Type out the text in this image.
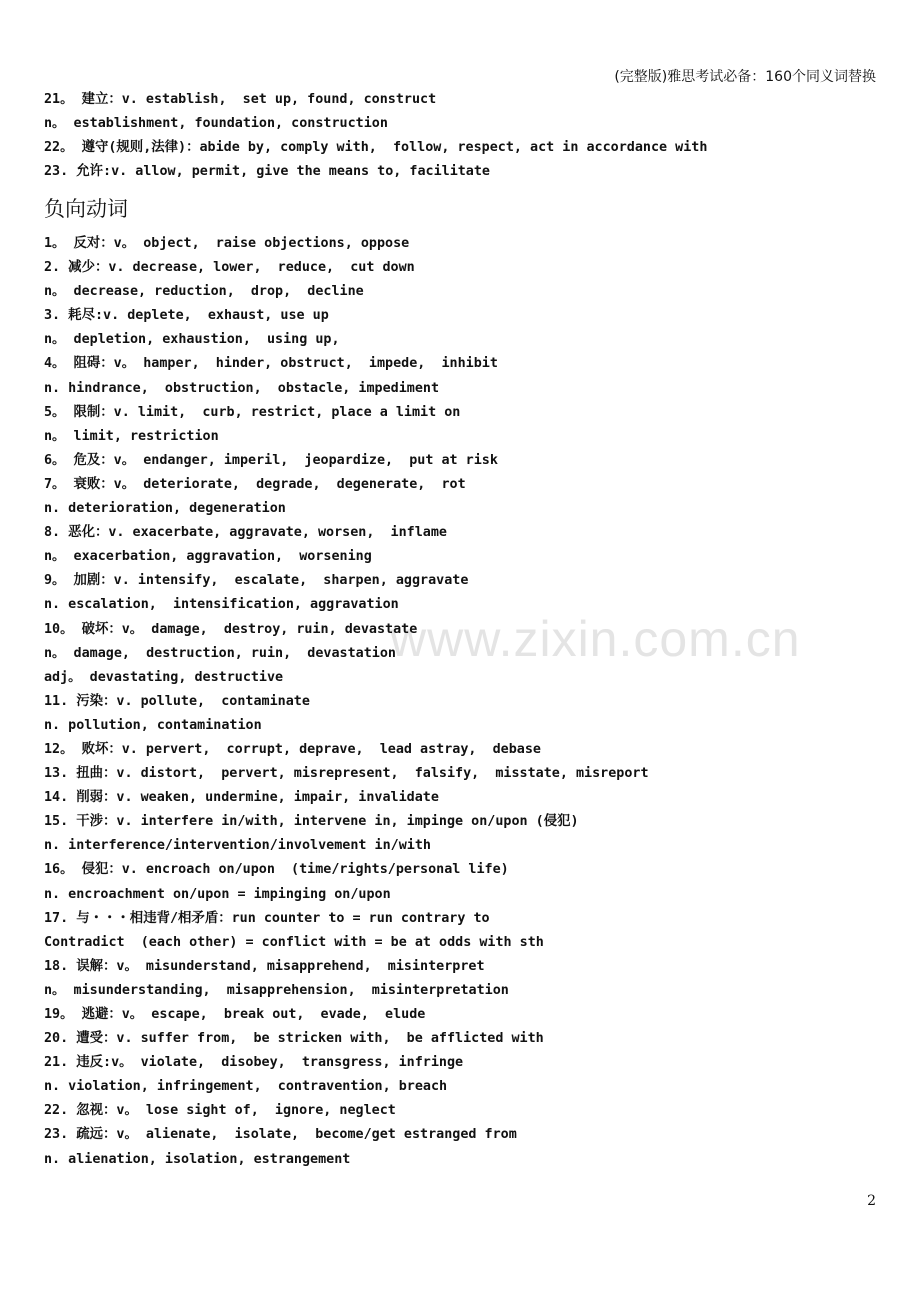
(完整版)雅思考试必备：160个同义词替换
www.zixin.com.cn
21。 建立：v. establish,  set up, found, construct
n。 establishment, foundation, construction
22。 遵守(规则,法律)：abide by, comply with,  follow, respect, act in accordance with
23. 允许:v. allow, permit, give the means to, facilitate
负向动词
1。 反对：v。 object,  raise objections, oppose
2. 减少：v. decrease, lower,  reduce,  cut down
n。 decrease, reduction,  drop,  decline
3. 耗尽:v. deplete,  exhaust, use up
n。 depletion, exhaustion,  using up,
4。 阻碍：v。 hamper,  hinder, obstruct,  impede,  inhibit
n. hindrance,  obstruction,  obstacle, impediment
5。 限制：v. limit,  curb, restrict, place a limit on
n。 limit, restriction
6。 危及：v。 endanger, imperil,  jeopardize,  put at risk
7。 衰败：v。 deteriorate,  degrade,  degenerate,  rot
n. deterioration, degeneration
8. 恶化：v. exacerbate, aggravate, worsen,  inflame
n。 exacerbation, aggravation,  worsening
9。 加剧：v. intensify,  escalate,  sharpen, aggravate
n. escalation,  intensification, aggravation
10。 破坏：v。 damage,  destroy, ruin, devastate
n。 damage,  destruction, ruin,  devastation
adj。 devastating, destructive
11. 污染：v. pollute,  contaminate
n. pollution, contamination
12。 败坏：v. pervert,  corrupt, deprave,  lead astray,  debase
13. 扭曲：v. distort,  pervert, misrepresent,  falsify,  misstate, misreport
14. 削弱：v. weaken, undermine, impair, invalidate
15. 干涉：v. interfere in/with, intervene in, impinge on/upon (侵犯)
n. interference/intervention/involvement in/with
16。 侵犯：v. encroach on/upon  (time/rights/personal life)
n. encroachment on/upon = impinging on/upon
17. 与・・・相违背/相矛盾：run counter to = run contrary to
Contradict  (each other) = conflict with = be at odds with sth
18. 误解：v。 misunderstand, misapprehend,  misinterpret
n。 misunderstanding,  misapprehension,  misinterpretation
19。 逃避：v。 escape,  break out,  evade,  elude
20. 遭受：v. suffer from,  be stricken with,  be afflicted with
21. 违反:v。 violate,  disobey,  transgress, infringe
n. violation, infringement,  contravention, breach
22. 忽视：v。 lose sight of,  ignore, neglect
23. 疏远：v。 alienate,  isolate,  become/get estranged from
n. alienation, isolation, estrangement
2
